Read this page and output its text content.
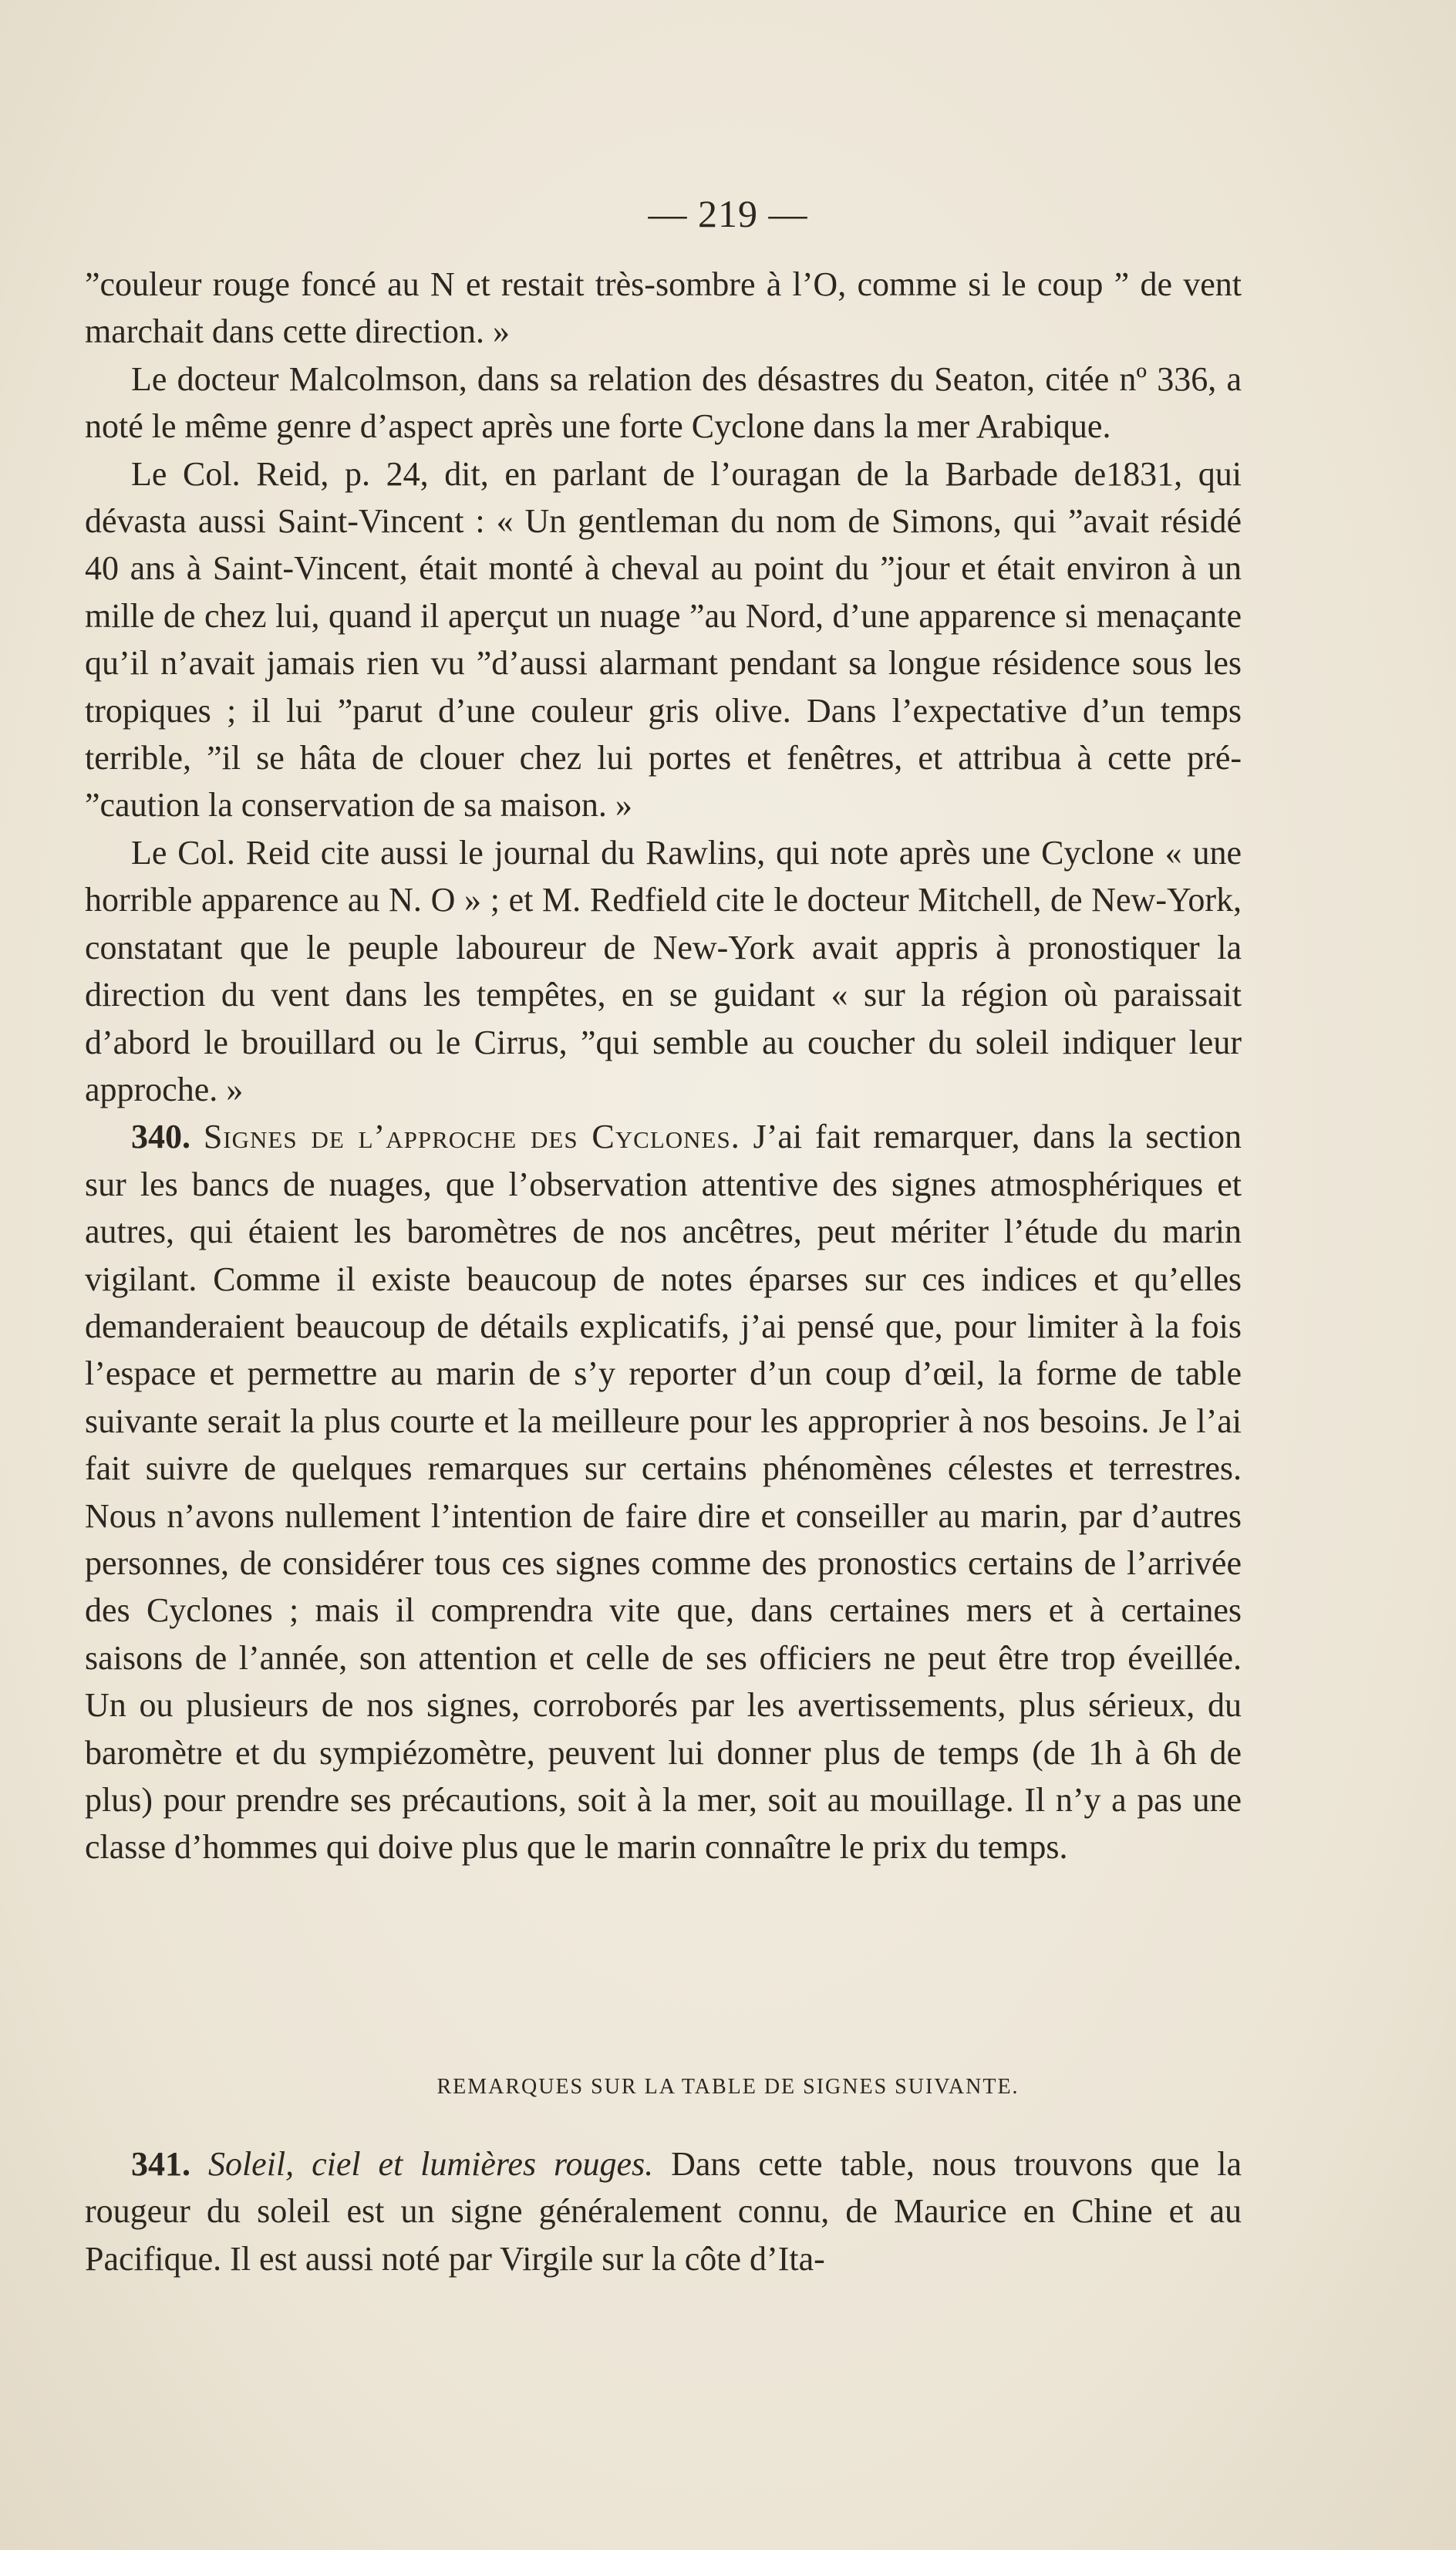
— 219 —

”couleur rouge foncé au N et restait très-sombre à l’O, comme si le coup ” de vent marchait dans cette direction. »

Le docteur Malcolmson, dans sa relation des désastres du Seaton, citée nº 336, a noté le même genre d’aspect après une forte Cyclone dans la mer Arabique.

Le Col. Reid, p. 24, dit, en parlant de l’ouragan de la Barbade de1831, qui dévasta aussi Saint-Vincent : « Un gentleman du nom de Simons, qui ”avait résidé 40 ans à Saint-Vincent, était monté à cheval au point du ”jour et était environ à un mille de chez lui, quand il aperçut un nuage ”au Nord, d’une apparence si menaçante qu’il n’avait jamais rien vu ”d’aussi alarmant pendant sa longue résidence sous les tropiques ; il lui ”parut d’une couleur gris olive. Dans l’expectative d’un temps terrible, ”il se hâta de clouer chez lui portes et fenêtres, et attribua à cette pré- ”caution la conservation de sa maison. »

Le Col. Reid cite aussi le journal du Rawlins, qui note après une Cyclone « une horrible apparence au N. O » ; et M. Redfield cite le docteur Mitchell, de New-York, constatant que le peuple laboureur de New-York avait appris à pronostiquer la direction du vent dans les tempêtes, en se guidant « sur la région où paraissait d’abord le brouillard ou le Cirrus, ”qui semble au coucher du soleil indiquer leur approche. »

340. Signes de l’approche des Cyclones. J’ai fait remarquer, dans la section sur les bancs de nuages, que l’observation attentive des signes atmosphériques et autres, qui étaient les baromètres de nos ancêtres, peut mériter l’étude du marin vigilant. Comme il existe beaucoup de notes éparses sur ces indices et qu’elles demanderaient beaucoup de détails explicatifs, j’ai pensé que, pour limiter à la fois l’espace et permettre au marin de s’y reporter d’un coup d’œil, la forme de table suivante serait la plus courte et la meilleure pour les approprier à nos besoins. Je l’ai fait suivre de quelques remarques sur certains phénomènes célestes et terrestres. Nous n’avons nullement l’intention de faire dire et conseiller au marin, par d’autres personnes, de considérer tous ces signes comme des pronostics certains de l’arrivée des Cyclones ; mais il comprendra vite que, dans certaines mers et à certaines saisons de l’année, son attention et celle de ses officiers ne peut être trop éveillée. Un ou plusieurs de nos signes, corroborés par les avertissements, plus sérieux, du baromètre et du sympiézomètre, peuvent lui donner plus de temps (de 1h à 6h de plus) pour prendre ses précautions, soit à la mer, soit au mouillage. Il n’y a pas une classe d’hommes qui doive plus que le marin connaître le prix du temps.

REMARQUES SUR LA TABLE DE SIGNES SUIVANTE.

341. Soleil, ciel et lumières rouges. Dans cette table, nous trouvons que la rougeur du soleil est un signe généralement connu, de Maurice en Chine et au Pacifique. Il est aussi noté par Virgile sur la côte d’Ita-
